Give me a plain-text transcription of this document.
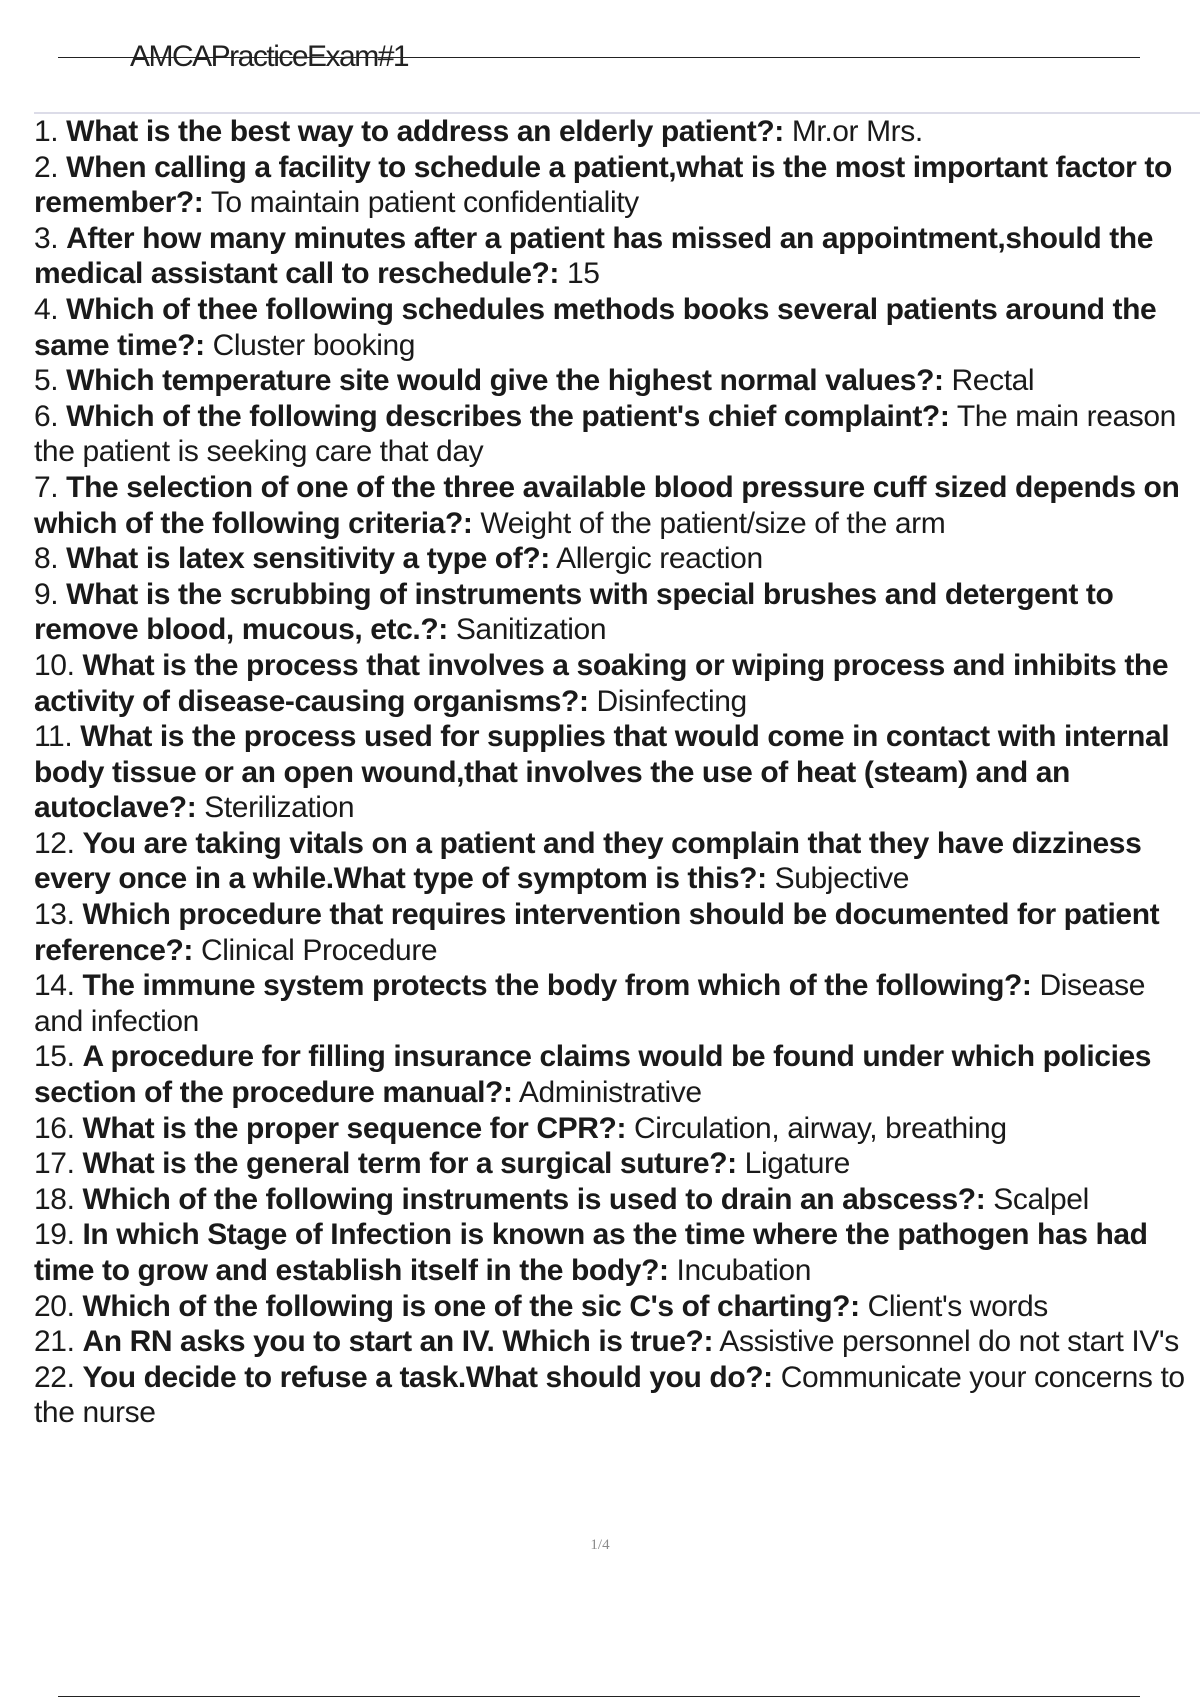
AMCAPracticeExam#1

1. What is the best way to address an elderly patient?: Mr.or Mrs.

2. When calling a facility to schedule a patient,what is the most important factor to remember?: To maintain patient confidentiality

3. After how many minutes after a patient has missed an appointment,should the medical assistant call to reschedule?: 15

4. Which of thee following schedules methods books several patients around the same time?: Cluster booking

5. Which temperature site would give the highest normal values?: Rectal

6. Which of the following describes the patient's chief complaint?: The main reason the patient is seeking care that day

7. The selection of one of the three available blood pressure cuff sized depends on which of the following criteria?: Weight of the patient/size of the arm

8. What is latex sensitivity a type of?: Allergic reaction

9. What is the scrubbing of instruments with special brushes and detergent to remove blood, mucous, etc.?: Sanitization

10. What is the process that involves a soaking or wiping process and inhibits the activity of disease-causing organisms?: Disinfecting

11. What is the process used for supplies that would come in contact with internal body tissue or an open wound,that involves the use of heat (steam) and an autoclave?: Sterilization

12. You are taking vitals on a patient and they complain that they have dizziness every once in a while.What type of symptom is this?: Subjective

13. Which procedure that requires intervention should be documented for patient reference?: Clinical Procedure

14. The immune system protects the body from which of the following?: Disease and infection

15. A procedure for filling insurance claims would be found under which policies section of the procedure manual?: Administrative

16. What is the proper sequence for CPR?: Circulation, airway, breathing

17. What is the general term for a surgical suture?: Ligature

18. Which of the following instruments is used to drain an abscess?: Scalpel

19. In which Stage of Infection is known as the time where the pathogen has had time to grow and establish itself in the body?: Incubation

20. Which of the following is one of the sic C's of charting?: Client's words

21. An RN asks you to start an IV. Which is true?: Assistive personnel do not start IV's

22. You decide to refuse a task.What should you do?: Communicate your concerns to the nurse

1/4
